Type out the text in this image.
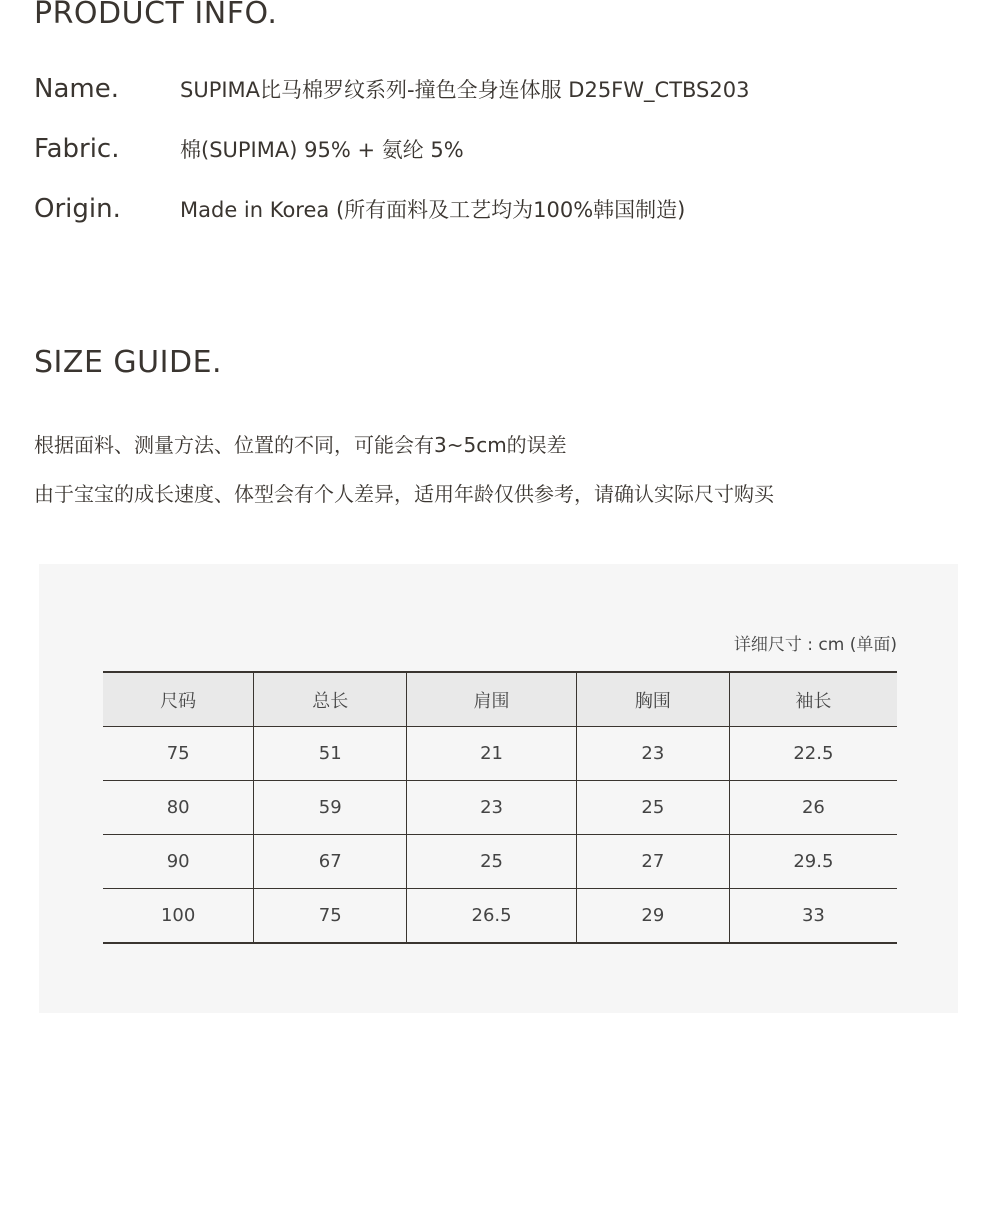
PRODUCT INFO.
Name.	SUPIMA比马棉罗纹系列-撞色全身连体服 D25FW_CTBS203
Fabric.	棉(SUPIMA) 95% + 氨纶 5%
Origin.	Made in Korea (所有面料及工艺均为100%韩国制造)
SIZE GUIDE.
根据面料、测量方法、位置的不同，可能会有3~5cm的误差
由于宝宝的成长速度、体型会有个人差异，适用年龄仅供参考，请确认实际尺寸购买
详细尺寸 : cm (单面)
尺码	总长	肩围	胸围	袖长
75	51	21	23	22.5
80	59	23	25	26
90	67	25	27	29.5
100	75	26.5	29	33
